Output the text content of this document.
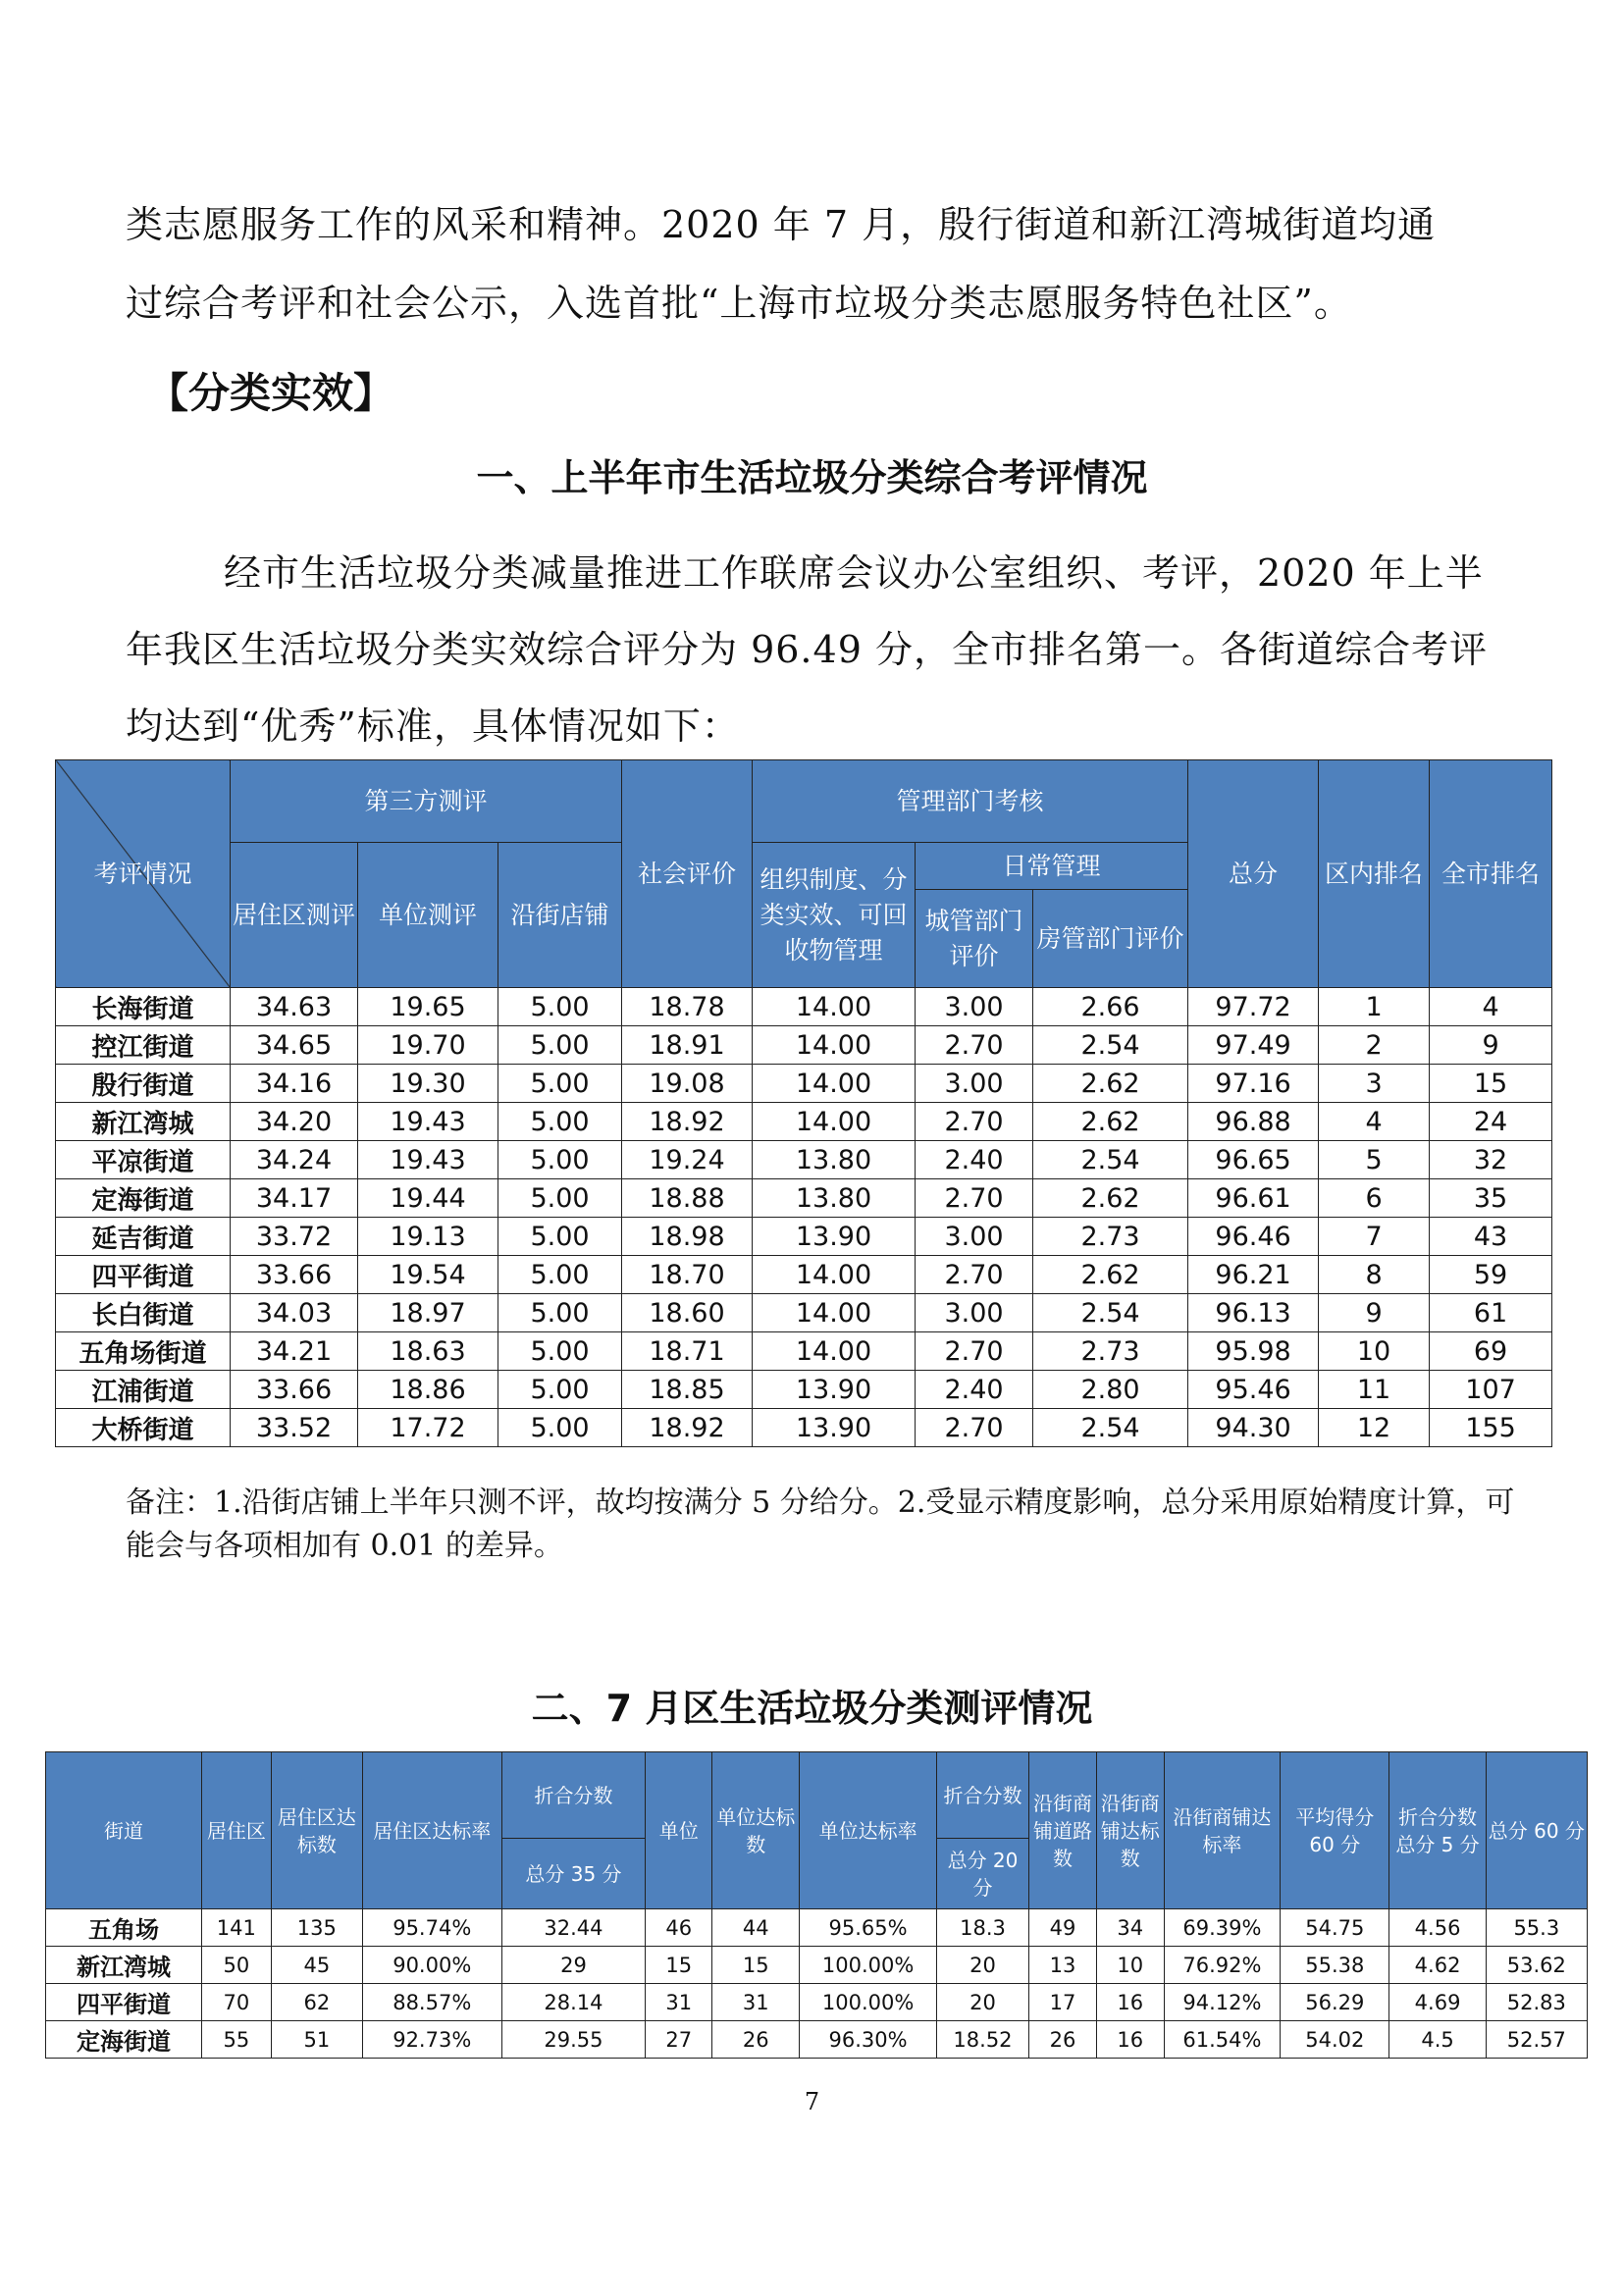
类志愿服务工作的风采和精神。2020 年 7 月，殷行街道和新江湾城街道均通
过综合考评和社会公示，入选首批“上海市垃圾分类志愿服务特色社区”。
【分类实效】
一、上半年市生活垃圾分类综合考评情况
经市生活垃圾分类减量推进工作联席会议办公室组织、考评，2020 年上半年我区生活垃圾分类实效综合评分为 96.49 分，全市排名第一。各街道综合考评均达到“优秀”标准，具体情况如下：
考评情况	第三方测评			社会评价	管理部门考核			总分	区内排名	全市排名
	居住区测评	单位测评	沿街店铺		组织制度、分类实效、可回收物管理	日常管理				
						城管部门评价	房管部门评价			
长海街道	34.63	19.65	5.00	18.78	14.00	3.00	2.66	97.72	1	4
控江街道	34.65	19.70	5.00	18.91	14.00	2.70	2.54	97.49	2	9
殷行街道	34.16	19.30	5.00	19.08	14.00	3.00	2.62	97.16	3	15
新江湾城	34.20	19.43	5.00	18.92	14.00	2.70	2.62	96.88	4	24
平凉街道	34.24	19.43	5.00	19.24	13.80	2.40	2.54	96.65	5	32
定海街道	34.17	19.44	5.00	18.88	13.80	2.70	2.62	96.61	6	35
延吉街道	33.72	19.13	5.00	18.98	13.90	3.00	2.73	96.46	7	43
四平街道	33.66	19.54	5.00	18.70	14.00	2.70	2.62	96.21	8	59
长白街道	34.03	18.97	5.00	18.60	14.00	3.00	2.54	96.13	9	61
五角场街道	34.21	18.63	5.00	18.71	14.00	2.70	2.73	95.98	10	69
江浦街道	33.66	18.86	5.00	18.85	13.90	2.40	2.80	95.46	11	107
大桥街道	33.52	17.72	5.00	18.92	13.90	2.70	2.54	94.30	12	155
备注：1.沿街店铺上半年只测不评，故均按满分 5 分给分。2.受显示精度影响，总分采用原始精度计算，可能会与各项相加有 0.01 的差异。
二、7 月区生活垃圾分类测评情况
街道	居住区	居住区达标数	居住区达标率	折合分数	单位	单位达标数	单位达标率	折合分数	沿街商铺道路数	沿街商铺达标数	沿街商铺达标率	平均得分 60 分	折合分数总分 5 分	总分 60 分
				总分 35 分				总分 20 分						
五角场	141	135	95.74%	32.44	46	44	95.65%	18.3	49	34	69.39%	54.75	4.56	55.3
新江湾城	50	45	90.00%	29	15	15	100.00%	20	13	10	76.92%	55.38	4.62	53.62
四平街道	70	62	88.57%	28.14	31	31	100.00%	20	17	16	94.12%	56.29	4.69	52.83
定海街道	55	51	92.73%	29.55	27	26	96.30%	18.52	26	16	61.54%	54.02	4.5	52.57
7
